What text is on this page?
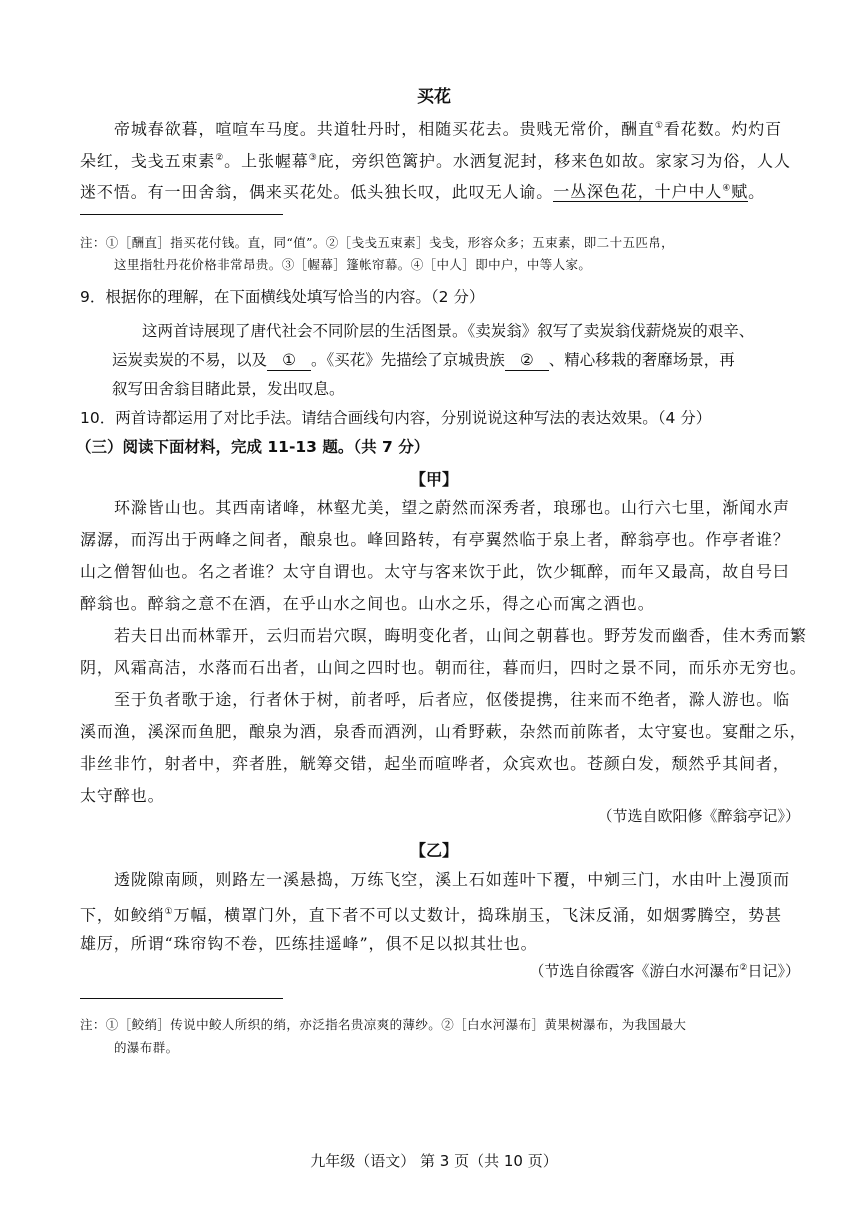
买花
帝城春欲暮，喧喧车马度。共道牡丹时，相随买花去。贵贱无常价，酬直①看花数。灼灼百
朵红，戋戋五束素②。上张幄幕③庇，旁织笆篱护。水洒复泥封，移来色如故。家家习为俗，人人
迷不悟。有一田舍翁，偶来买花处。低头独长叹，此叹无人谕。一丛深色花，十户中人④赋。
注：①［酬直］指买花付钱。直，同“值”。②［戋戋五束素］戋戋，形容众多；五束素，即二十五匹帛，
这里指牡丹花价格非常昂贵。③［幄幕］篷帐帘幕。④［中人］即中户，中等人家。
9．根据你的理解，在下面横线处填写恰当的内容。（2 分）
这两首诗展现了唐代社会不同阶层的生活图景。《卖炭翁》叙写了卖炭翁伐薪烧炭的艰辛、
运炭卖炭的不易，以及 ① 。《买花》先描绘了京城贵族 ② 、精心移栽的奢靡场景，再
叙写田舍翁目睹此景，发出叹息。
10．两首诗都运用了对比手法。请结合画线句内容，分别说说这种写法的表达效果。（4 分）
（三）阅读下面材料，完成 11-13 题。（共 7 分）
【甲】
环滁皆山也。其西南诸峰，林壑尤美，望之蔚然而深秀者，琅琊也。山行六七里，渐闻水声
潺潺，而泻出于两峰之间者，酿泉也。峰回路转，有亭翼然临于泉上者，醉翁亭也。作亭者谁？
山之僧智仙也。名之者谁？太守自谓也。太守与客来饮于此，饮少辄醉，而年又最高，故自号曰
醉翁也。醉翁之意不在酒，在乎山水之间也。山水之乐，得之心而寓之酒也。
若夫日出而林霏开，云归而岩穴暝，晦明变化者，山间之朝暮也。野芳发而幽香，佳木秀而繁
阴，风霜高洁，水落而石出者，山间之四时也。朝而往，暮而归，四时之景不同，而乐亦无穷也。
至于负者歌于途，行者休于树，前者呼，后者应，伛偻提携，往来而不绝者，滁人游也。临
溪而渔，溪深而鱼肥，酿泉为酒，泉香而酒洌，山肴野蔌，杂然而前陈者，太守宴也。宴酣之乐，
非丝非竹，射者中，弈者胜，觥筹交错，起坐而喧哗者，众宾欢也。苍颜白发，颓然乎其间者，
太守醉也。
（节选自欧阳修《醉翁亭记》）
【乙】
透陇隙南顾，则路左一溪悬捣，万练飞空，溪上石如莲叶下覆，中剜三门，水由叶上漫顶而
下，如鲛绡①万幅，横罩门外，直下者不可以丈数计，捣珠崩玉，飞沫反涌，如烟雾腾空，势甚
雄厉，所谓“珠帘钩不卷，匹练挂遥峰”，俱不足以拟其壮也。
（节选自徐霞客《游白水河瀑布②日记》）
注：①［鲛绡］传说中鲛人所织的绡，亦泛指名贵凉爽的薄纱。②［白水河瀑布］黄果树瀑布，为我国最大
的瀑布群。
九年级（语文） 第 3 页（共 10 页）
